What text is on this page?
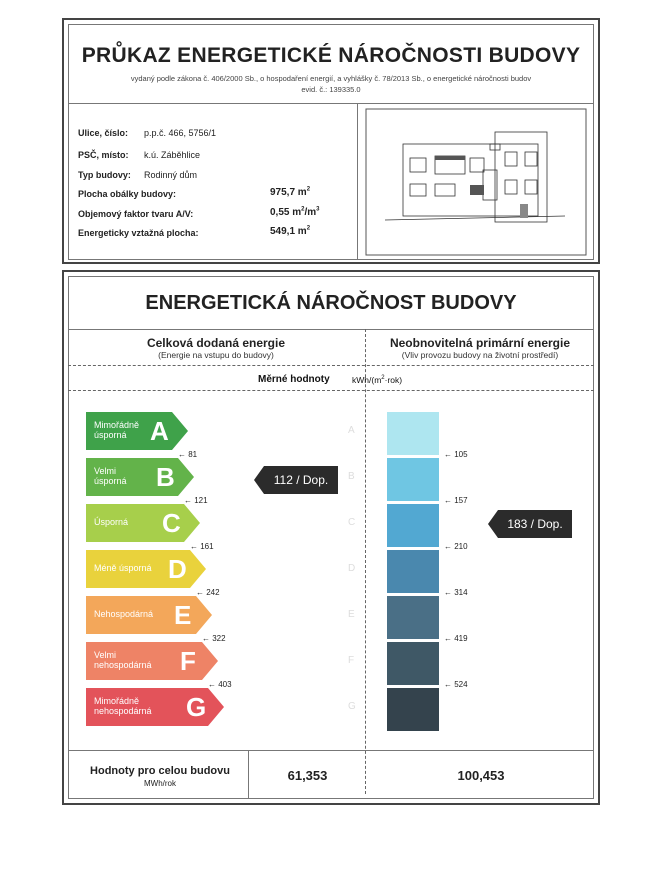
PRŮKAZ ENERGETICKÉ NÁROČNOSTI BUDOVY
vydaný podle zákona č. 406/2000 Sb., o hospodaření energií, a vyhlášky č. 78/2013 Sb., o energetické náročnosti budov
evid. č.: 139335.0
Ulice, číslo: p.p.č. 466, 5756/1
PSČ, místo: k.ú. Záběhlice
Typ budovy: Rodinný dům
Plocha obálky budovy:	975,7 $m^2$
Objemový faktor tvaru A/V:	0,55 $m^2/m^3$
Energeticky vztažná plocha:	549,1 $m^2$
ENERGETICKÁ NÁROČNOST BUDOVY
Celková dodaná energie
(Energie na vstupu do budovy)
Neobnovitelná primární energie
(Vliv provozu budovy na životní prostředí)
Měrné hodnoty	kWh/$(m^2\cdot rok)$
Mimořádně
úsporná A	A
← 81
Velmi
úsporná B	B
← 121
Úsporná C	C
← 161
Méně úsporná D	D
← 242
Nehospodárná E	E
← 322
Velmi
nehospodárná F	F
← 403
Mimořádně
nehospodárná G	G
← 105
← 157
← 210
← 314
← 419
← 524
112 / Dop.
183 / Dop.
Hodnoty pro celou budovu
MWh/rok
61,353	100,453
